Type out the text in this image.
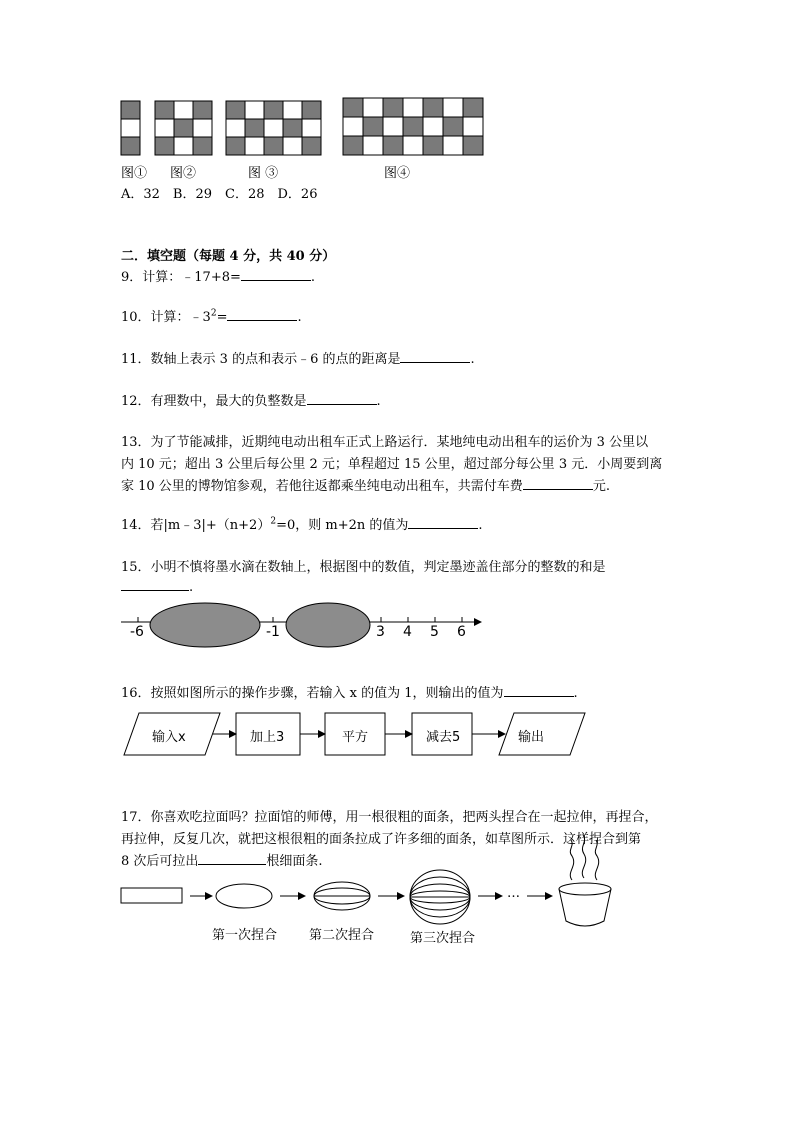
图① 图②	图 ③	图④
A．32　B．29　C．28　D．26
二．填空题（每题 4 分，共 40 分）
9．计算：﹣17+8=	.
10．计算：$﹣3^2=$	.
11．数轴上表示 3 的点和表示﹣6 的点的距离是	.
12．有理数中，最大的负整数是	.
13．为了节能减排，近期纯电动出租车正式上路运行．某地纯电动出租车的运价为 3 公里以
内 10 元；超出 3 公里后每公里 2 元；单程超过 15 公里，超过部分每公里 3 元．小周要到离
家 10 公里的博物馆参观，若他往返都乘坐纯电动出租车，共需付车费	元.
14．若$|m﹣3|+(n+2)^2=0$，则 m+2n 的值为	.
15．小明不慎将墨水滴在数轴上，根据图中的数值，判定墨迹盖住部分的整数的和是
.
-6	-1	3 4 5 6
16．按照如图所示的操作步骤，若输入 x 的值为 1，则输出的值为	.
输入x	加上3	平方	减去5	输出
17．你喜欢吃拉面吗？拉面馆的师傅，用一根很粗的面条，把两头捏合在一起拉伸，再捏合，
再拉伸，反复几次，就把这根很粗的面条拉成了许多细的面条，如草图所示．这样捏合到第
8 次后可拉出	根细面条.
…
第一次捏合 第二次捏合	第三次捏合
